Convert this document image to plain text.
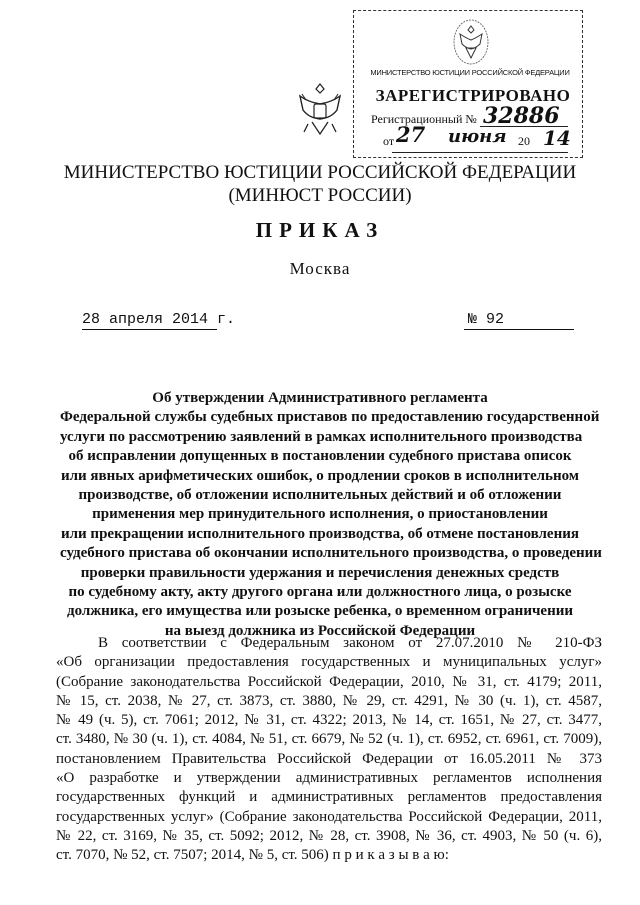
МИНИСТЕРСТВО ЮСТИЦИИ РОССИЙСКОЙ ФЕДЕРАЦИИ
ЗАРЕГИСТРИРОВАНО
Регистрационный № 32886
от 27 июня 20 14
МИНИСТЕРСТВО ЮСТИЦИИ РОССИЙСКОЙ ФЕДЕРАЦИИ
(МИНЮСТ РОССИИ)
ПРИКАЗ
Москва
28 апреля 2014 г.	№ 92
Об утверждении Административного регламента
Федеральной службы судебных приставов по предоставлению государственной
услуги по рассмотрению заявлений в рамках исполнительного производства
об исправлении допущенных в постановлении судебного пристава описок
или явных арифметических ошибок, о продлении сроков в исполнительном
производстве, об отложении исполнительных действий и об отложении
применения мер принудительного исполнения, о приостановлении
или прекращении исполнительного производства, об отмене постановления
судебного пристава об окончании исполнительного производства, о проведении
проверки правильности удержания и перечисления денежных средств
по судебному акту, акту другого органа или должностного лица, о розыске
должника, его имущества или розыске ребенка, о временном ограничении
на выезд должника из Российской Федерации
В соответствии с Федеральным законом от 27.07.2010 № 210-ФЗ
«Об организации предоставления государственных и муниципальных услуг»
(Собрание законодательства Российской Федерации, 2010, № 31, ст. 4179; 2011,
№ 15, ст. 2038, № 27, ст. 3873, ст. 3880, № 29, ст. 4291, № 30 (ч. 1), ст. 4587,
№ 49 (ч. 5), ст. 7061; 2012, № 31, ст. 4322; 2013, № 14, ст. 1651, № 27, ст. 3477,
ст. 3480, № 30 (ч. 1), ст. 4084, № 51, ст. 6679, № 52 (ч. 1), ст. 6952, ст. 6961, ст. 7009),
постановлением Правительства Российской Федерации от 16.05.2011 № 373
«О разработке и утверждении административных регламентов исполнения
государственных функций и административных регламентов предоставления
государственных услуг» (Собрание законодательства Российской Федерации, 2011,
№ 22, ст. 3169, № 35, ст. 5092; 2012, № 28, ст. 3908, № 36, ст. 4903, № 50 (ч. 6),
ст. 7070, № 52, ст. 7507; 2014, № 5, ст. 506) п р и к а з ы в а ю:
